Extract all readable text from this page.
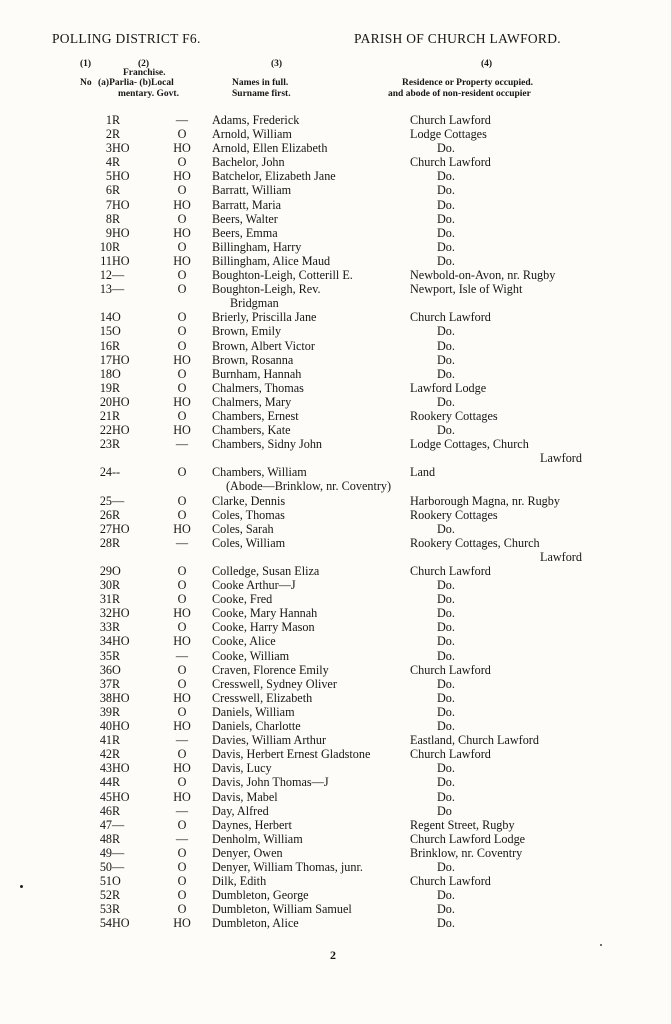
POLLING DISTRICT F6.	PARISH OF CHURCH LAWFORD.
(1)	(2)	(3)	(4)
Franchise.
No (a)Parlia- (b)Local
mentary. Govt.
Names in full.
Surname first.
Residence or Property occupied.
and abode of non-resident occupier
1 R	—	Adams, Frederick	Church Lawford
2 R	O	Arnold, William	Lodge Cottages
3 HO	HO	Arnold, Ellen Elizabeth	Do.
4 R	O	Bachelor, John	Church Lawford
5 HO	HO	Batchelor, Elizabeth Jane	Do.
6 R	O	Barratt, William	Do.
7 HO	HO	Barratt, Maria	Do.
8 R	O	Beers, Walter	Do.
9 HO	HO	Beers, Emma	Do.
10 R	O	Billingham, Harry	Do.
11 HO	HO	Billingham, Alice Maud	Do.
12 —	O	Boughton-Leigh, Cotterill E.	Newbold-on-Avon, nr. Rugby
13 —	O	Boughton-Leigh, Rev.	Newport, Isle of Wight
Bridgman
14 O	O	Brierly, Priscilla Jane	Church Lawford
15 O	O	Brown, Emily	Do.
16 R	O	Brown, Albert Victor	Do.
17 HO	HO	Brown, Rosanna	Do.
18 O	O	Burnham, Hannah	Do.
19 R	O	Chalmers, Thomas	Lawford Lodge
20 HO	HO	Chalmers, Mary	Do.
21 R	O	Chambers, Ernest	Rookery Cottages
22 HO	HO	Chambers, Kate	Do.
23 R	—	Chambers, Sidny John	Lodge Cottages, Church
Lawford
24 --	O	Chambers, William	Land
(Abode—Brinklow, nr. Coventry)
25 —	O	Clarke, Dennis	Harborough Magna, nr. Rugby
26 R	O	Coles, Thomas	Rookery Cottages
27 HO	HO	Coles, Sarah	Do.
28 R	—	Coles, William	Rookery Cottages, Church
Lawford
29 O	O	Colledge, Susan Eliza	Church Lawford
30 R	O	Cooke Arthur—J	Do.
31 R	O	Cooke, Fred	Do.
32 HO	HO	Cooke, Mary Hannah	Do.
33 R	O	Cooke, Harry Mason	Do.
34 HO	HO	Cooke, Alice	Do.
35 R	—	Cooke, William	Do.
36 O	O	Craven, Florence Emily	Church Lawford
37 R	O	Cresswell, Sydney Oliver	Do.
38 HO	HO	Cresswell, Elizabeth	Do.
39 R	O	Daniels, William	Do.
40 HO	HO	Daniels, Charlotte	Do.
41 R	—	Davies, William Arthur	Eastland, Church Lawford
42 R	O	Davis, Herbert Ernest Gladstone	Church Lawford
43 HO	HO	Davis, Lucy	Do.
44 R	O	Davis, John Thomas—J	Do.
45 HO	HO	Davis, Mabel	Do.
46 R	—	Day, Alfred	Do
47 —	O	Daynes, Herbert	Regent Street, Rugby
48 R	—	Denholm, William	Church Lawford Lodge
49 —	O	Denyer, Owen	Brinklow, nr. Coventry
50 —	O	Denyer, William Thomas, junr.	Do.
51 O	O	Dilk, Edith	Church Lawford
52 R	O	Dumbleton, George	Do.
53 R	O	Dumbleton, William Samuel	Do.
54 HO	HO	Dumbleton, Alice	Do.
2
